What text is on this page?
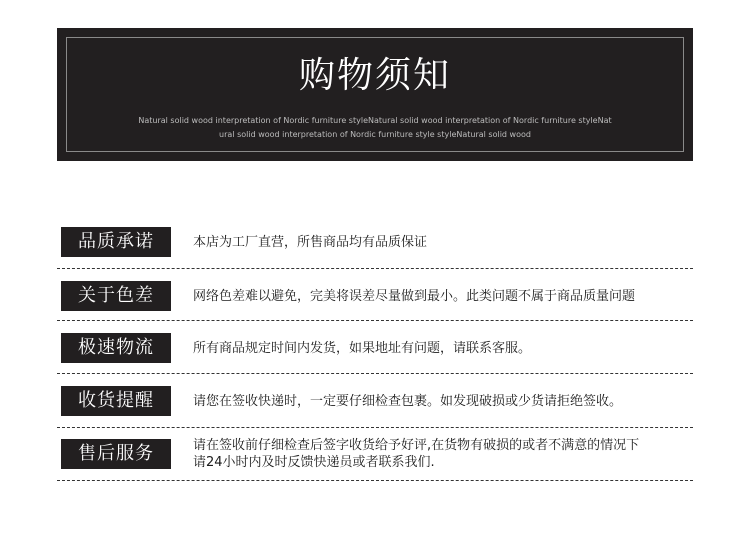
购物须知
Natural solid wood interpretation of Nordic furniture styleNatural solid wood interpretation of Nordic furniture styleNat
ural solid wood interpretation of Nordic furniture style styleNatural solid wood
品质承诺	本店为工厂直营，所售商品均有品质保证
关于色差	网络色差难以避免，完美将误差尽量做到最小。此类问题不属于商品质量问题
极速物流	所有商品规定时间内发货，如果地址有问题，请联系客服。
收货提醒	请您在签收快递时，一定要仔细检查包裹。如发现破损或少货请拒绝签收。
售后服务	请在签收前仔细检查后签字收货给予好评,在货物有破损的或者不满意的情况下
请24小时内及时反馈快递员或者联系我们.
